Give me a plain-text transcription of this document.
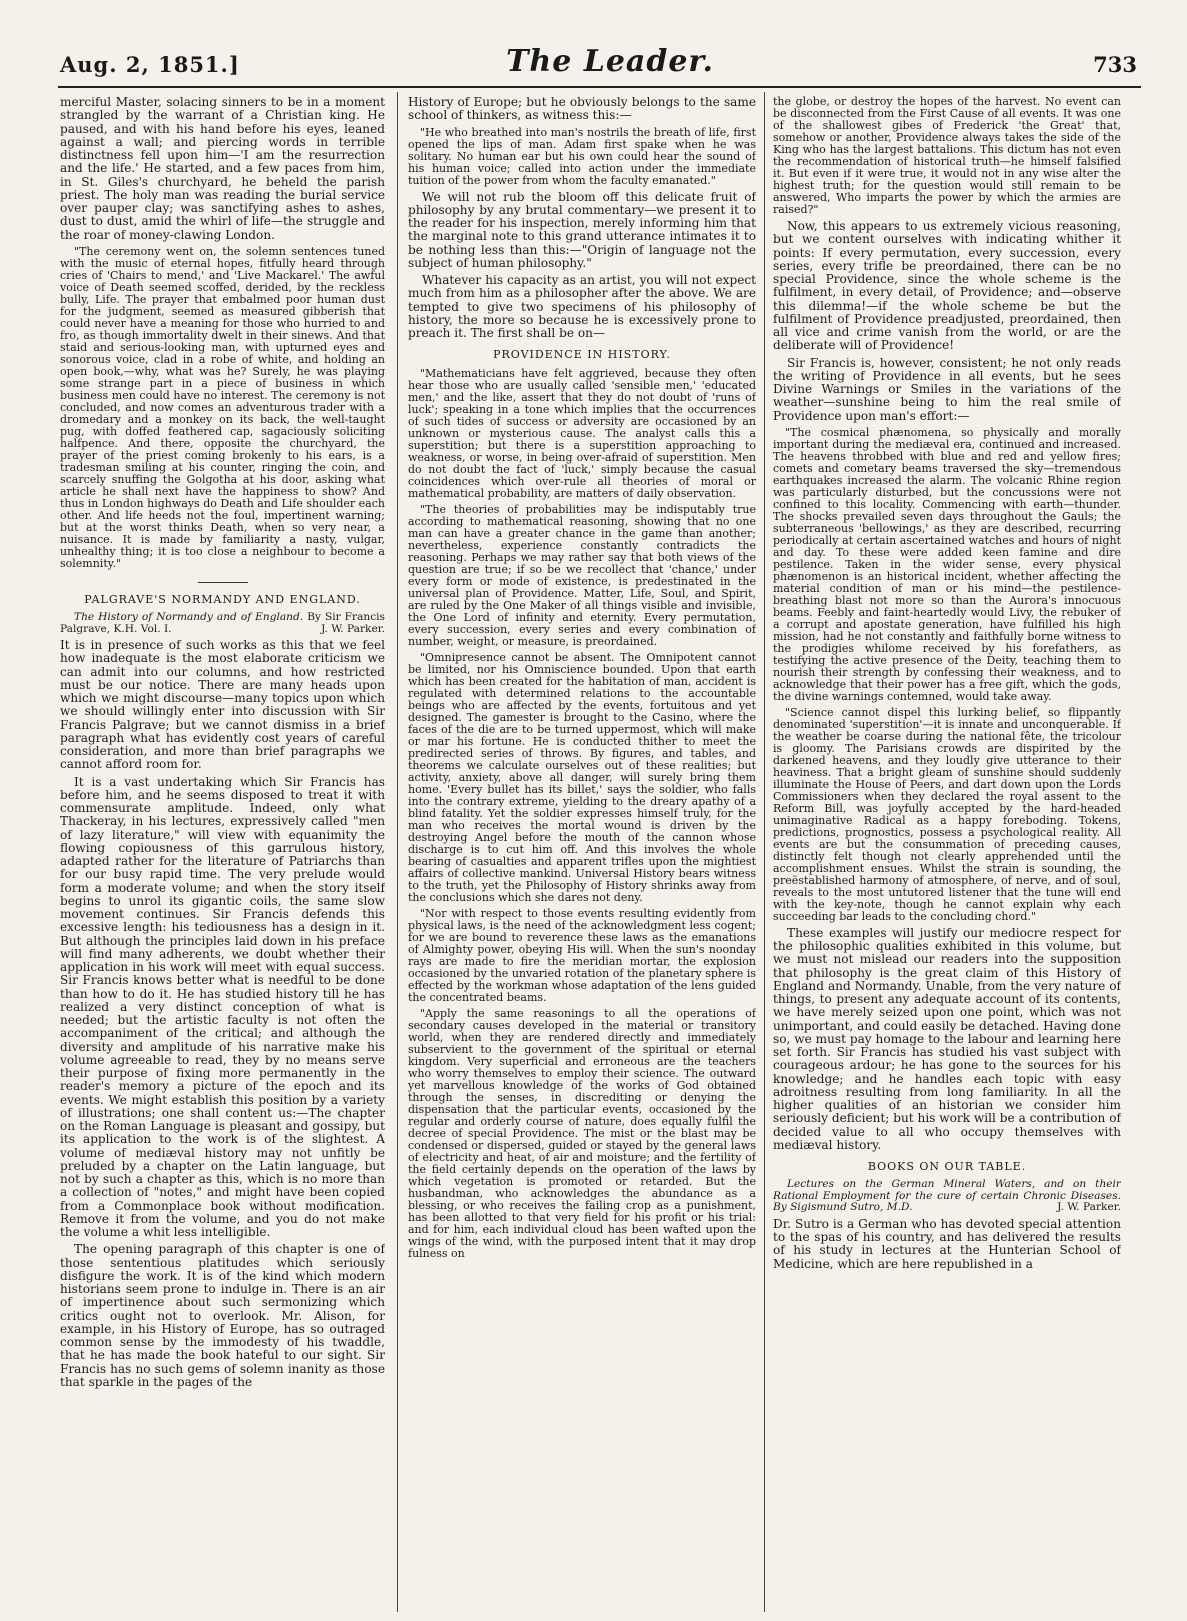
Aug. 2, 1851.]	The Leader.	733

merciful Master, solacing sinners to be in a moment strangled by the warrant of a Christian king. He paused, and with his hand before his eyes, leaned against a wall; and piercing words in terrible distinctness fell upon him—'I am the resurrection and the life.' He started, and a few paces from him, in St. Giles's churchyard, he beheld the parish priest. The holy man was reading the burial service over pauper clay; was sanctifying ashes to ashes, dust to dust, amid the whirl of life—the struggle and the roar of money-clawing London.

"The ceremony went on, the solemn sentences tuned with the music of eternal hopes, fitfully heard through cries of 'Chairs to mend,' and 'Live Mackarel.' The awful voice of Death seemed scoffed, derided, by the reckless bully, Life. The prayer that embalmed poor human dust for the judgment, seemed as measured gibberish that could never have a meaning for those who hurried to and fro, as though immortality dwelt in their sinews. And that staid and serious-looking man, with upturned eyes and sonorous voice, clad in a robe of white, and holding an open book,—why, what was he? Surely, he was playing some strange part in a piece of business in which business men could have no interest. The ceremony is not concluded, and now comes an adventurous trader with a dromedary and a monkey on its back, the well-taught pug, with doffed feathered cap, sagaciously soliciting halfpence. And there, opposite the churchyard, the prayer of the priest coming brokenly to his ears, is a tradesman smiling at his counter, ringing the coin, and scarcely snuffing the Golgotha at his door, asking what article he shall next have the happiness to show? And thus in London highways do Death and Life shoulder each other. And life heeds not the foul, impertinent warning; but at the worst thinks Death, when so very near, a nuisance. It is made by familiarity a nasty, vulgar, unhealthy thing; it is too close a neighbour to become a solemnity."

PALGRAVE'S NORMANDY AND ENGLAND.

The History of Normandy and of England. By Sir Francis Palgrave, K.H. Vol. I.	J. W. Parker.

It is in presence of such works as this that we feel how inadequate is the most elaborate criticism we can admit into our columns, and how restricted must be our notice. There are many heads upon which we might discourse—many topics upon which we should willingly enter into discussion with Sir Francis Palgrave; but we cannot dismiss in a brief paragraph what has evidently cost years of careful consideration, and more than brief paragraphs we cannot afford room for.

It is a vast undertaking which Sir Francis has before him, and he seems disposed to treat it with commensurate amplitude. Indeed, only what Thackeray, in his lectures, expressively called "men of lazy literature," will view with equanimity the flowing copiousness of this garrulous history, adapted rather for the literature of Patriarchs than for our busy rapid time. The very prelude would form a moderate volume; and when the story itself begins to unrol its gigantic coils, the same slow movement continues. Sir Francis defends this excessive length: his tediousness has a design in it. But although the principles laid down in his preface will find many adherents, we doubt whether their application in his work will meet with equal success. Sir Francis knows better what is needful to be done than how to do it. He has studied history till he has realized a very distinct conception of what is needed; but the artistic faculty is not often the accompaniment of the critical; and although the diversity and amplitude of his narrative make his volume agreeable to read, they by no means serve their purpose of fixing more permanently in the reader's memory a picture of the epoch and its events. We might establish this position by a variety of illustrations; one shall content us:—The chapter on the Roman Language is pleasant and gossipy, but its application to the work is of the slightest. A volume of mediæval history may not unfitly be preluded by a chapter on the Latin language, but not by such a chapter as this, which is no more than a collection of "notes," and might have been copied from a Commonplace book without modification. Remove it from the volume, and you do not make the volume a whit less intelligible.

The opening paragraph of this chapter is one of those sententious platitudes which seriously disfigure the work. It is of the kind which modern historians seem prone to indulge in. There is an air of impertinence about such sermonizing which critics ought not to overlook. Mr. Alison, for example, in his History of Europe, has so outraged common sense by the immodesty of his twaddle, that he has made the book hateful to our sight. Sir Francis has no such gems of solemn inanity as those that sparkle in the pages of the

History of Europe; but he obviously belongs to the same school of thinkers, as witness this:—

"He who breathed into man's nostrils the breath of life, first opened the lips of man. Adam first spake when he was solitary. No human ear but his own could hear the sound of his human voice; called into action under the immediate tuition of the power from whom the faculty emanated."

We will not rub the bloom off this delicate fruit of philosophy by any brutal commentary—we present it to the reader for his inspection, merely informing him that the marginal note to this grand utterance intimates it to be nothing less than this:—"Origin of language not the subject of human philosophy."

Whatever his capacity as an artist, you will not expect much from him as a philosopher after the above. We are tempted to give two specimens of his philosophy of history, the more so because he is excessively prone to preach it. The first shall be on—

PROVIDENCE IN HISTORY.

"Mathematicians have felt aggrieved, because they often hear those who are usually called 'sensible men,' 'educated men,' and the like, assert that they do not doubt of 'runs of luck'; speaking in a tone which implies that the occurrences of such tides of success or adversity are occasioned by an unknown or mysterious cause. The analyst calls this a superstition; but there is a superstition approaching to weakness, or worse, in being over-afraid of superstition. Men do not doubt the fact of 'luck,' simply because the casual coincidences which over-rule all theories of moral or mathematical probability, are matters of daily observation.

"The theories of probabilities may be indisputably true according to mathematical reasoning, showing that no one man can have a greater chance in the game than another; nevertheless, experience constantly contradicts the reasoning. Perhaps we may rather say that both views of the question are true; if so be we recollect that 'chance,' under every form or mode of existence, is predestinated in the universal plan of Providence. Matter, Life, Soul, and Spirit, are ruled by the One Maker of all things visible and invisible, the One Lord of infinity and eternity. Every permutation, every succession, every series and every combination of number, weight, or measure, is preordained.

"Omnipresence cannot be absent. The Omnipotent cannot be limited, nor his Omniscience bounded. Upon that earth which has been created for the habitation of man, accident is regulated with determined relations to the accountable beings who are affected by the events, fortuitous and yet designed. The gamester is brought to the Casino, where the faces of the die are to be turned uppermost, which will make or mar his fortune. He is conducted thither to meet the predirected series of throws. By figures, and tables, and theorems we calculate ourselves out of these realities; but activity, anxiety, above all danger, will surely bring them home. 'Every bullet has its billet,' says the soldier, who falls into the contrary extreme, yielding to the dreary apathy of a blind fatality. Yet the soldier expresses himself truly, for the man who receives the mortal wound is driven by the destroying Angel before the mouth of the cannon whose discharge is to cut him off. And this involves the whole bearing of casualties and apparent trifles upon the mightiest affairs of collective mankind. Universal History bears witness to the truth, yet the Philosophy of History shrinks away from the conclusions which she dares not deny.

"Nor with respect to those events resulting evidently from physical laws, is the need of the acknowledgment less cogent; for we are bound to reverence these laws as the emanations of Almighty power, obeying His will. When the sun's noonday rays are made to fire the meridian mortar, the explosion occasioned by the unvaried rotation of the planetary sphere is effected by the workman whose adaptation of the lens guided the concentrated beams.

"Apply the same reasonings to all the operations of secondary causes developed in the material or transitory world, when they are rendered directly and immediately subservient to the government of the spiritual or eternal kingdom. Very superficial and erroneous are the teachers who worry themselves to employ their science. The outward yet marvellous knowledge of the works of God obtained through the senses, in discrediting or denying the dispensation that the particular events, occasioned by the regular and orderly course of nature, does equally fulfil the decree of special Providence. The mist or the blast may be condensed or dispersed, guided or stayed by the general laws of electricity and heat, of air and moisture; and the fertility of the field certainly depends on the operation of the laws by which vegetation is promoted or retarded. But the husbandman, who acknowledges the abundance as a blessing, or who receives the failing crop as a punishment, has been allotted to that very field for his profit or his trial: and for him, each individual cloud has been wafted upon the wings of the wind, with the purposed intent that it may drop fulness on

the globe, or destroy the hopes of the harvest. No event can be disconnected from the First Cause of all events. It was one of the shallowest gibes of Frederick 'the Great' that, somehow or another, Providence always takes the side of the King who has the largest battalions. This dictum has not even the recommendation of historical truth—he himself falsified it. But even if it were true, it would not in any wise alter the highest truth; for the question would still remain to be answered, Who imparts the power by which the armies are raised?"

Now, this appears to us extremely vicious reasoning, but we content ourselves with indicating whither it points: If every permutation, every succession, every series, every trifle be preordained, there can be no special Providence, since the whole scheme is the fulfilment, in every detail, of Providence; and—observe this dilemma!—if the whole scheme be but the fulfilment of Providence preadjusted, preordained, then all vice and crime vanish from the world, or are the deliberate will of Providence!

Sir Francis is, however, consistent; he not only reads the writing of Providence in all events, but he sees Divine Warnings or Smiles in the variations of the weather—sunshine being to him the real smile of Providence upon man's effort:—

"The cosmical phænomena, so physically and morally important during the mediæval era, continued and increased. The heavens throbbed with blue and red and yellow fires; comets and cometary beams traversed the sky—tremendous earthquakes increased the alarm. The volcanic Rhine region was particularly disturbed, but the concussions were not confined to this locality. Commencing with earth—thunder. The shocks prevailed seven days throughout the Gauls; the subterraneous 'bellowings,' as they are described, recurring periodically at certain ascertained watches and hours of night and day. To these were added keen famine and dire pestilence. Taken in the wider sense, every physical phænomenon is an historical incident, whether affecting the material condition of man or his mind—the pestilence-breathing blast not more so than the Aurora's innocuous beams. Feebly and faint-heartedly would Livy, the rebuker of a corrupt and apostate generation, have fulfilled his high mission, had he not constantly and faithfully borne witness to the prodigies whilome received by his forefathers, as testifying the active presence of the Deity, teaching them to nourish their strength by confessing their weakness, and to acknowledge that their power has a free gift, which the gods, the divine warnings contemned, would take away.

"Science cannot dispel this lurking belief, so flippantly denominated 'superstition'—it is innate and unconquerable. If the weather be coarse during the national fête, the tricolour is gloomy. The Parisians crowds are dispirited by the darkened heavens, and they loudly give utterance to their heaviness. That a bright gleam of sunshine should suddenly illuminate the House of Peers, and dart down upon the Lords Commissioners when they declared the royal assent to the Reform Bill, was joyfully accepted by the hard-headed unimaginative Radical as a happy foreboding. Tokens, predictions, prognostics, possess a psychological reality. All events are but the consummation of preceding causes, distinctly felt though not clearly apprehended until the accomplishment ensues. Whilst the strain is sounding, the preëstablished harmony of atmosphere, of nerve, and of soul, reveals to the most untutored listener that the tune will end with the key-note, though he cannot explain why each succeeding bar leads to the concluding chord."

These examples will justify our mediocre respect for the philosophic qualities exhibited in this volume, but we must not mislead our readers into the supposition that philosophy is the great claim of this History of England and Normandy. Unable, from the very nature of things, to present any adequate account of its contents, we have merely seized upon one point, which was not unimportant, and could easily be detached. Having done so, we must pay homage to the labour and learning here set forth. Sir Francis has studied his vast subject with courageous ardour; he has gone to the sources for his knowledge; and he handles each topic with easy adroitness resulting from long familiarity. In all the higher qualities of an historian we consider him seriously deficient; but his work will be a contribution of decided value to all who occupy themselves with mediæval history.

BOOKS ON OUR TABLE.

Lectures on the German Mineral Waters, and on their Rational Employment for the cure of certain Chronic Diseases. By Sigismund Sutro, M.D.	J. W. Parker.

Dr. Sutro is a German who has devoted special attention to the spas of his country, and has delivered the results of his study in lectures at the Hunterian School of Medicine, which are here republished in a
